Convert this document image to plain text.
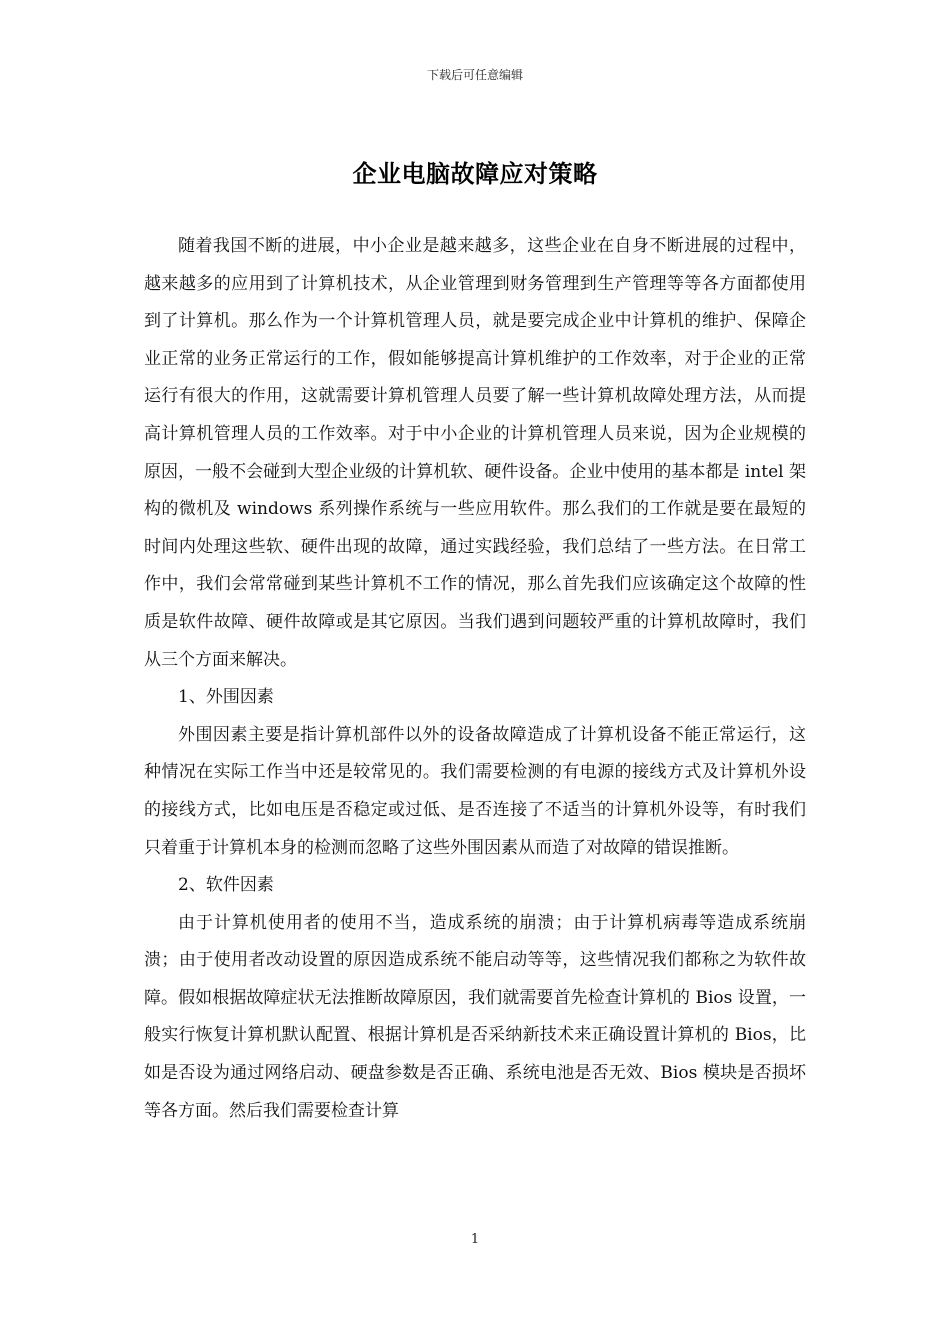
下载后可任意编辑
企业电脑故障应对策略

随着我国不断的进展，中小企业是越来越多，这些企业在自身不断进展的过程中，越来越多的应用到了计算机技术，从企业管理到财务管理到生产管理等等各方面都使用到了计算机。那么作为一个计算机管理人员，就是要完成企业中计算机的维护、保障企业正常的业务正常运行的工作，假如能够提高计算机维护的工作效率，对于企业的正常运行有很大的作用，这就需要计算机管理人员要了解一些计算机故障处理方法，从而提高计算机管理人员的工作效率。对于中小企业的计算机管理人员来说，因为企业规模的原因，一般不会碰到大型企业级的计算机软、硬件设备。企业中使用的基本都是 intel 架构的微机及 windows 系列操作系统与一些应用软件。那么我们的工作就是要在最短的时间内处理这些软、硬件出现的故障，通过实践经验，我们总结了一些方法。在日常工作中，我们会常常碰到某些计算机不工作的情况，那么首先我们应该确定这个故障的性质是软件故障、硬件故障或是其它原因。当我们遇到问题较严重的计算机故障时，我们从三个方面来解决。

1、外围因素

外围因素主要是指计算机部件以外的设备故障造成了计算机设备不能正常运行，这种情况在实际工作当中还是较常见的。我们需要检测的有电源的接线方式及计算机外设的接线方式，比如电压是否稳定或过低、是否连接了不适当的计算机外设等，有时我们只着重于计算机本身的检测而忽略了这些外围因素从而造了对故障的错误推断。

2、软件因素

由于计算机使用者的使用不当，造成系统的崩溃；由于计算机病毒等造成系统崩溃；由于使用者改动设置的原因造成系统不能启动等等，这些情况我们都称之为软件故障。假如根据故障症状无法推断故障原因，我们就需要首先检查计算机的 Bios 设置，一般实行恢复计算机默认配置、根据计算机是否采纳新技术来正确设置计算机的 Bios，比如是否设为通过网络启动、硬盘参数是否正确、系统电池是否无效、Bios 模块是否损坏等各方面。然后我们需要检查计算

1
